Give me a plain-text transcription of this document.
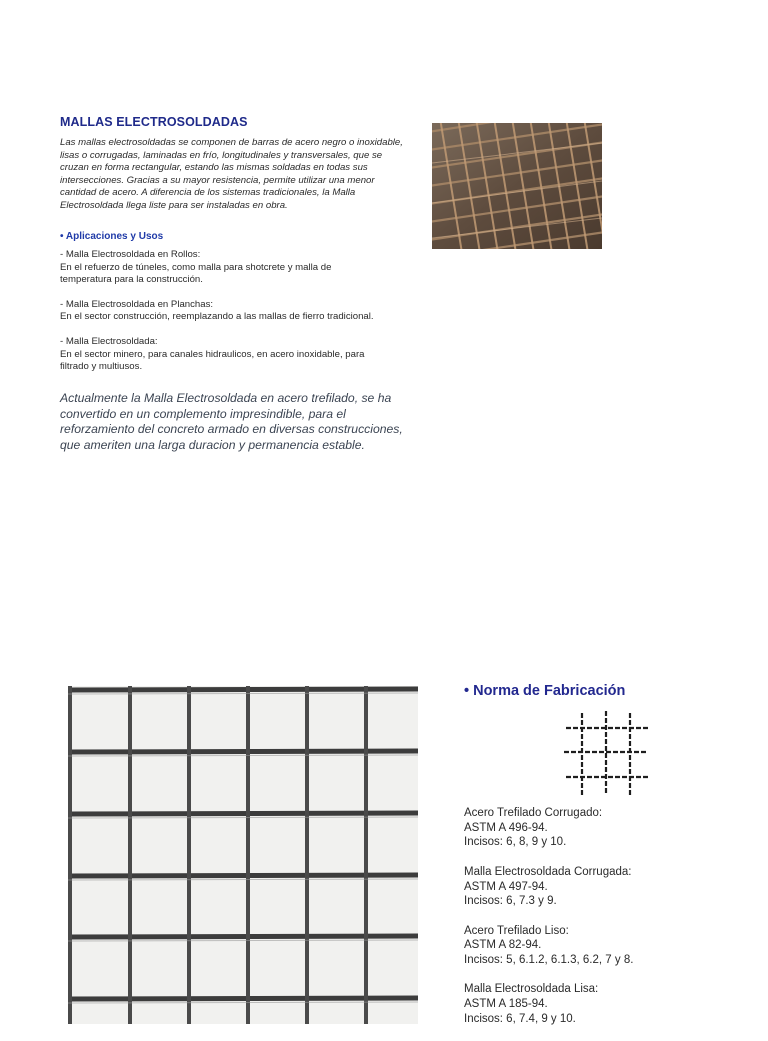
MALLAS ELECTROSOLDADAS
Las mallas electrosoldadas se componen de barras de acero negro o inoxidable, lisas o corrugadas, laminadas en frío, longitudinales y transversales, que se cruzan en forma rectangular, estando las mismas soldadas en todas sus intersecciones. Gracias a su mayor resistencia, permite utilizar una menor cantidad de acero. A diferencia de los sistemas tradicionales, la Malla Electrosoldada llega liste para ser instaladas en obra.
• Aplicaciones y Usos
- Malla Electrosoldada en Rollos:
En el refuerzo de túneles, como malla para shotcrete y malla de
temperatura para la construcción.
- Malla Electrosoldada en Planchas:
En el sector construcción, reemplazando a las mallas de fierro tradicional.
- Malla Electrosoldada:
En el sector minero, para canales hidraulicos, en acero inoxidable, para
filtrado y multiusos.
Actualmente la Malla Electrosoldada en acero trefilado, se ha convertido en un complemento impresindible, para el reforzamiento del concreto armado en diversas construcciones, que ameriten una larga duracion y permanencia estable.
• Norma de Fabricación
Acero Trefilado Corrugado:
ASTM A 496-94.
Incisos: 6, 8, 9 y 10.
Malla Electrosoldada Corrugada:
ASTM A 497-94.
Incisos: 6, 7.3 y 9.
Acero Trefilado Liso:
ASTM A 82-94.
Incisos: 5, 6.1.2, 6.1.3, 6.2, 7 y 8.
Malla Electrosoldada Lisa:
ASTM A 185-94.
Incisos: 6, 7.4, 9 y 10.
